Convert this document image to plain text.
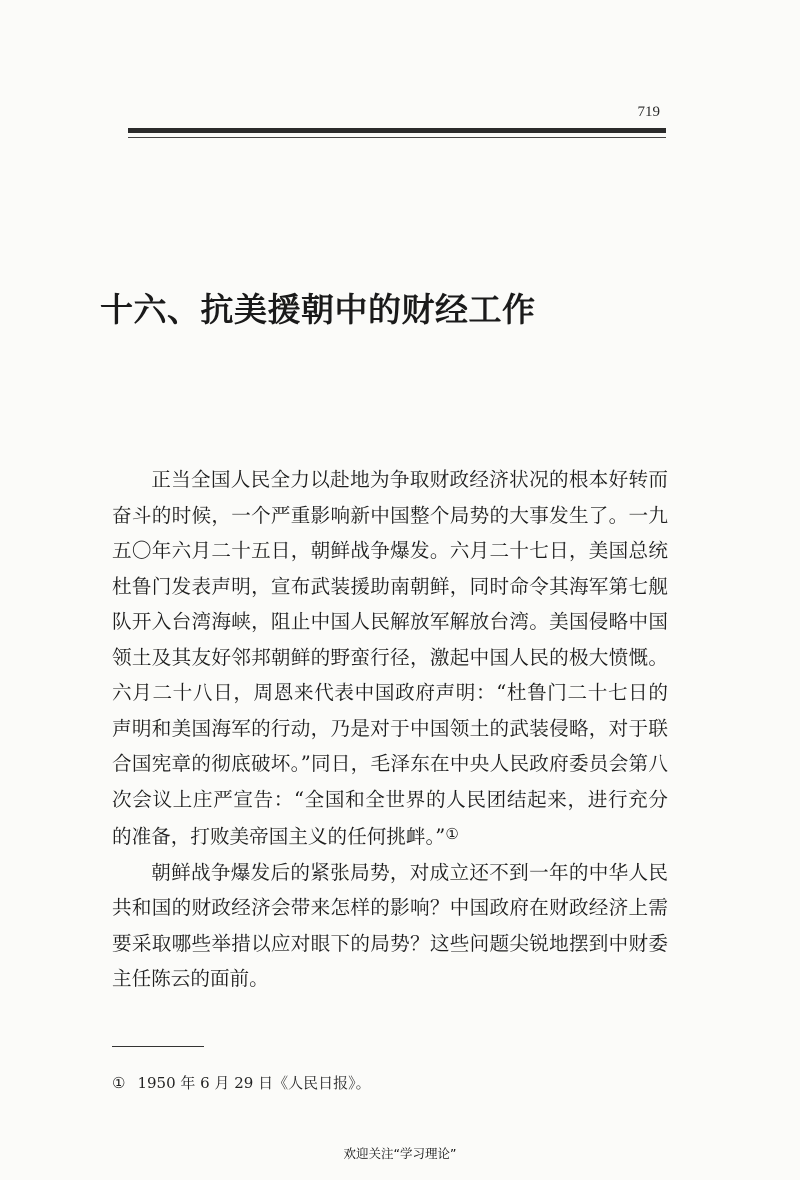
719
十六、抗美援朝中的财经工作

正当全国人民全力以赴地为争取财政经济状况的根本好转而奋斗的时候，一个严重影响新中国整个局势的大事发生了。一九五〇年六月二十五日，朝鲜战争爆发。六月二十七日，美国总统杜鲁门发表声明，宣布武装援助南朝鲜，同时命令其海军第七舰队开入台湾海峡，阻止中国人民解放军解放台湾。美国侵略中国领土及其友好邻邦朝鲜的野蛮行径，激起中国人民的极大愤慨。六月二十八日，周恩来代表中国政府声明：“杜鲁门二十七日的声明和美国海军的行动，乃是对于中国领土的武装侵略，对于联合国宪章的彻底破坏。”同日，毛泽东在中央人民政府委员会第八次会议上庄严宣告：“全国和全世界的人民团结起来，进行充分的准备，打败美帝国主义的任何挑衅。”①

朝鲜战争爆发后的紧张局势，对成立还不到一年的中华人民共和国的财政经济会带来怎样的影响？中国政府在财政经济上需要采取哪些举措以应对眼下的局势？这些问题尖锐地摆到中财委主任陈云的面前。

① 1950 年 6 月 29 日《人民日报》。
欢迎关注“学习理论”
